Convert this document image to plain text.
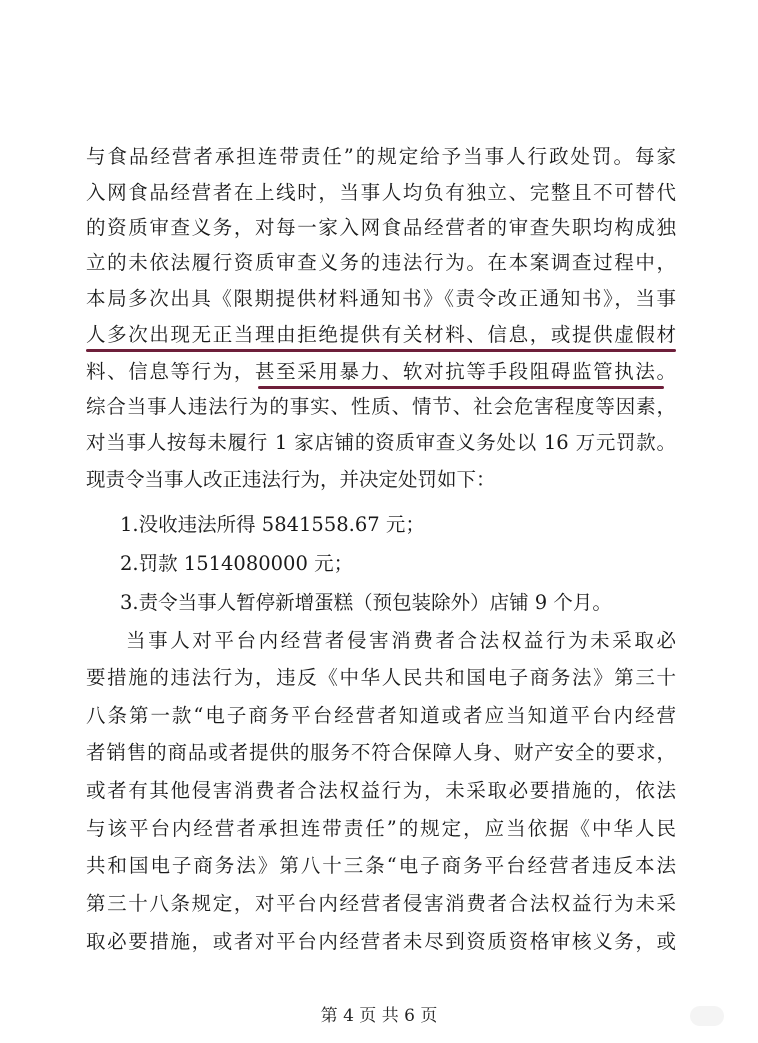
与食品经营者承担连带责任”的规定给予当事人行政处罚。每家
入网食品经营者在上线时，当事人均负有独立、完整且不可替代
的资质审查义务，对每一家入网食品经营者的审查失职均构成独
立的未依法履行资质审查义务的违法行为。在本案调查过程中，
本局多次出具《限期提供材料通知书》《责令改正通知书》，当事
人多次出现无正当理由拒绝提供有关材料、信息，或提供虚假材
料、信息等行为，甚至采用暴力、软对抗等手段阻碍监管执法。
综合当事人违法行为的事实、性质、情节、社会危害程度等因素，
对当事人按每未履行 1 家店铺的资质审查义务处以 16 万元罚款。
现责令当事人改正违法行为，并决定处罚如下：
1.没收违法所得 5841558.67 元；
2.罚款 1514080000 元；
3.责令当事人暂停新增蛋糕（预包装除外）店铺 9 个月。
当事人对平台内经营者侵害消费者合法权益行为未采取必
要措施的违法行为，违反《中华人民共和国电子商务法》第三十
八条第一款“电子商务平台经营者知道或者应当知道平台内经营
者销售的商品或者提供的服务不符合保障人身、财产安全的要求，
或者有其他侵害消费者合法权益行为，未采取必要措施的，依法
与该平台内经营者承担连带责任”的规定，应当依据《中华人民
共和国电子商务法》第八十三条“电子商务平台经营者违反本法
第三十八条规定，对平台内经营者侵害消费者合法权益行为未采
取必要措施，或者对平台内经营者未尽到资质资格审核义务，或
第 4 页 共 6 页
